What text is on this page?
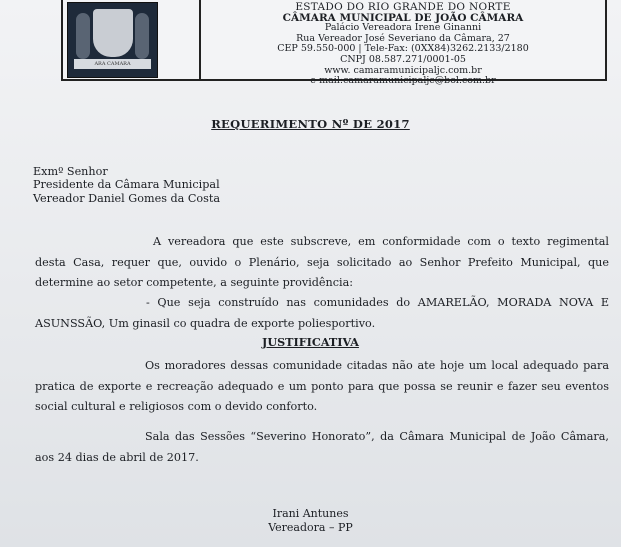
ARA CAMARA
ESTADO DO RIO GRANDE DO NORTE
CÂMARA MUNICIPAL DE JOÃO CÂMARA
Palácio Vereadora Irene Ginanni
Rua Vereador José Severiano da Câmara, 27
CEP 59.550-000 | Tele-Fax: (0XX84)3262.2133/2180
CNPJ 08.587.271/0001-05
www. camaramunicipaljc.com.br
e-mail:camaramunicipaljc@bol.com.br
REQUERIMENTO Nº DE 2017
Exmº Senhor
Presidente da Câmara Municipal
Vereador Daniel Gomes da Costa
A vereadora que este subscreve, em conformidade com o texto regimental desta Casa, requer que, ouvido o Plenário, seja solicitado ao Senhor Prefeito Municipal, que determine ao setor competente, a seguinte providência:
- Que seja construído nas comunidades do AMARELÃO, MORADA NOVA E ASUNSSÃO, Um ginasil co quadra de exporte poliesportivo.
JUSTIFICATIVA
Os moradores dessas comunidade citadas não ate hoje um local adequado para pratica de exporte e recreação adequado e um ponto para que possa se reunir e fazer seu eventos social cultural e religiosos com o devido conforto.
Sala das Sessões “Severino Honorato”, da Câmara Municipal de João Câmara, aos 24 dias de abril de 2017.
Irani Antunes
Vereadora – PP
